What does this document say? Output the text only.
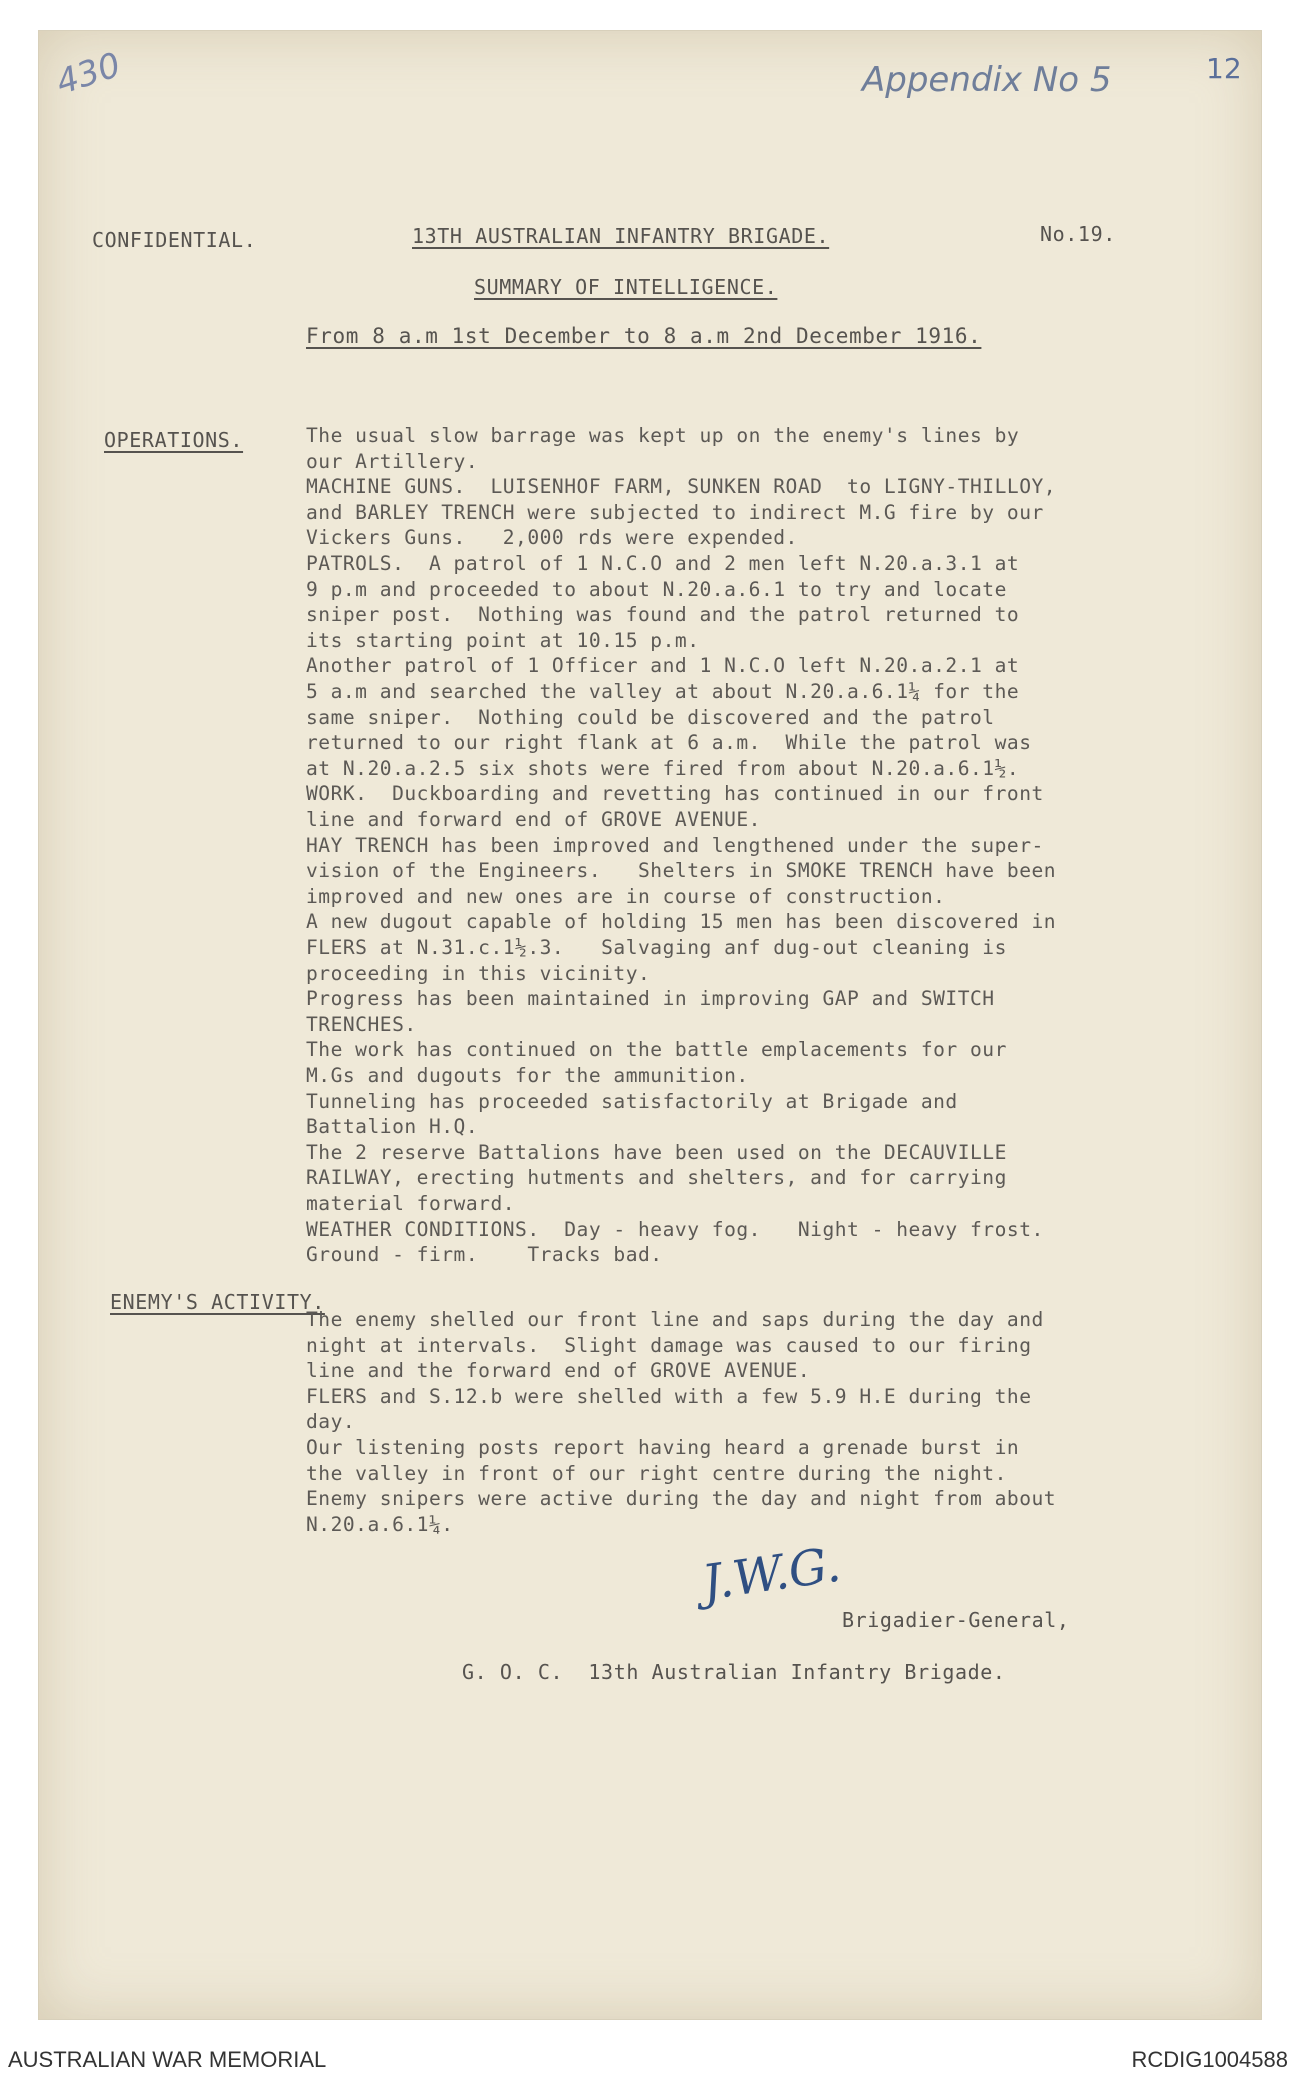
430	Appendix No 5	12
CONFIDENTIAL.	13TH AUSTRALIAN INFANTRY BRIGADE.	No.19.
SUMMARY OF INTELLIGENCE.
From 8 a.m 1st December to 8 a.m 2nd December 1916.
OPERATIONS.	The usual slow barrage was kept up on the enemy's lines by
our Artillery.
MACHINE GUNS.  LUISENHOF FARM, SUNKEN ROAD  to LIGNY-THILLOY,
and BARLEY TRENCH were subjected to indirect M.G fire by our
Vickers Guns.   2,000 rds were expended.
PATROLS.  A patrol of 1 N.C.O and 2 men left N.20.a.3.1 at
9 p.m and proceeded to about N.20.a.6.1 to try and locate
sniper post.  Nothing was found and the patrol returned to
its starting point at 10.15 p.m.
Another patrol of 1 Officer and 1 N.C.O left N.20.a.2.1 at
5 a.m and searched the valley at about N.20.a.6.1¼ for the
same sniper.  Nothing could be discovered and the patrol
returned to our right flank at 6 a.m.  While the patrol was
at N.20.a.2.5 six shots were fired from about N.20.a.6.1½.
WORK.  Duckboarding and revetting has continued in our front
line and forward end of GROVE AVENUE.
HAY TRENCH has been improved and lengthened under the super-
vision of the Engineers.   Shelters in SMOKE TRENCH have been
improved and new ones are in course of construction.
A new dugout capable of holding 15 men has been discovered in
FLERS at N.31.c.1½.3.   Salvaging anf dug-out cleaning is
proceeding in this vicinity.
Progress has been maintained in improving GAP and SWITCH
TRENCHES.
The work has continued on the battle emplacements for our
M.Gs and dugouts for the ammunition.
Tunneling has proceeded satisfactorily at Brigade and
Battalion H.Q.
The 2 reserve Battalions have been used on the DECAUVILLE
RAILWAY, erecting hutments and shelters, and for carrying
material forward.
WEATHER CONDITIONS.  Day - heavy fog.   Night - heavy frost.
Ground - firm.    Tracks bad.
ENEMY'S ACTIVITY.
The enemy shelled our front line and saps during the day and
night at intervals.  Slight damage was caused to our firing
line and the forward end of GROVE AVENUE.
FLERS and S.12.b were shelled with a few 5.9 H.E during the
day.
Our listening posts report having heard a grenade burst in
the valley in front of our right centre during the night.
Enemy snipers were active during the day and night from about
N.20.a.6.1¼.
J.W.G.
Brigadier-General,
G. O. C.  13th Australian Infantry Brigade.
AUSTRALIAN WAR MEMORIAL	RCDIG1004588
